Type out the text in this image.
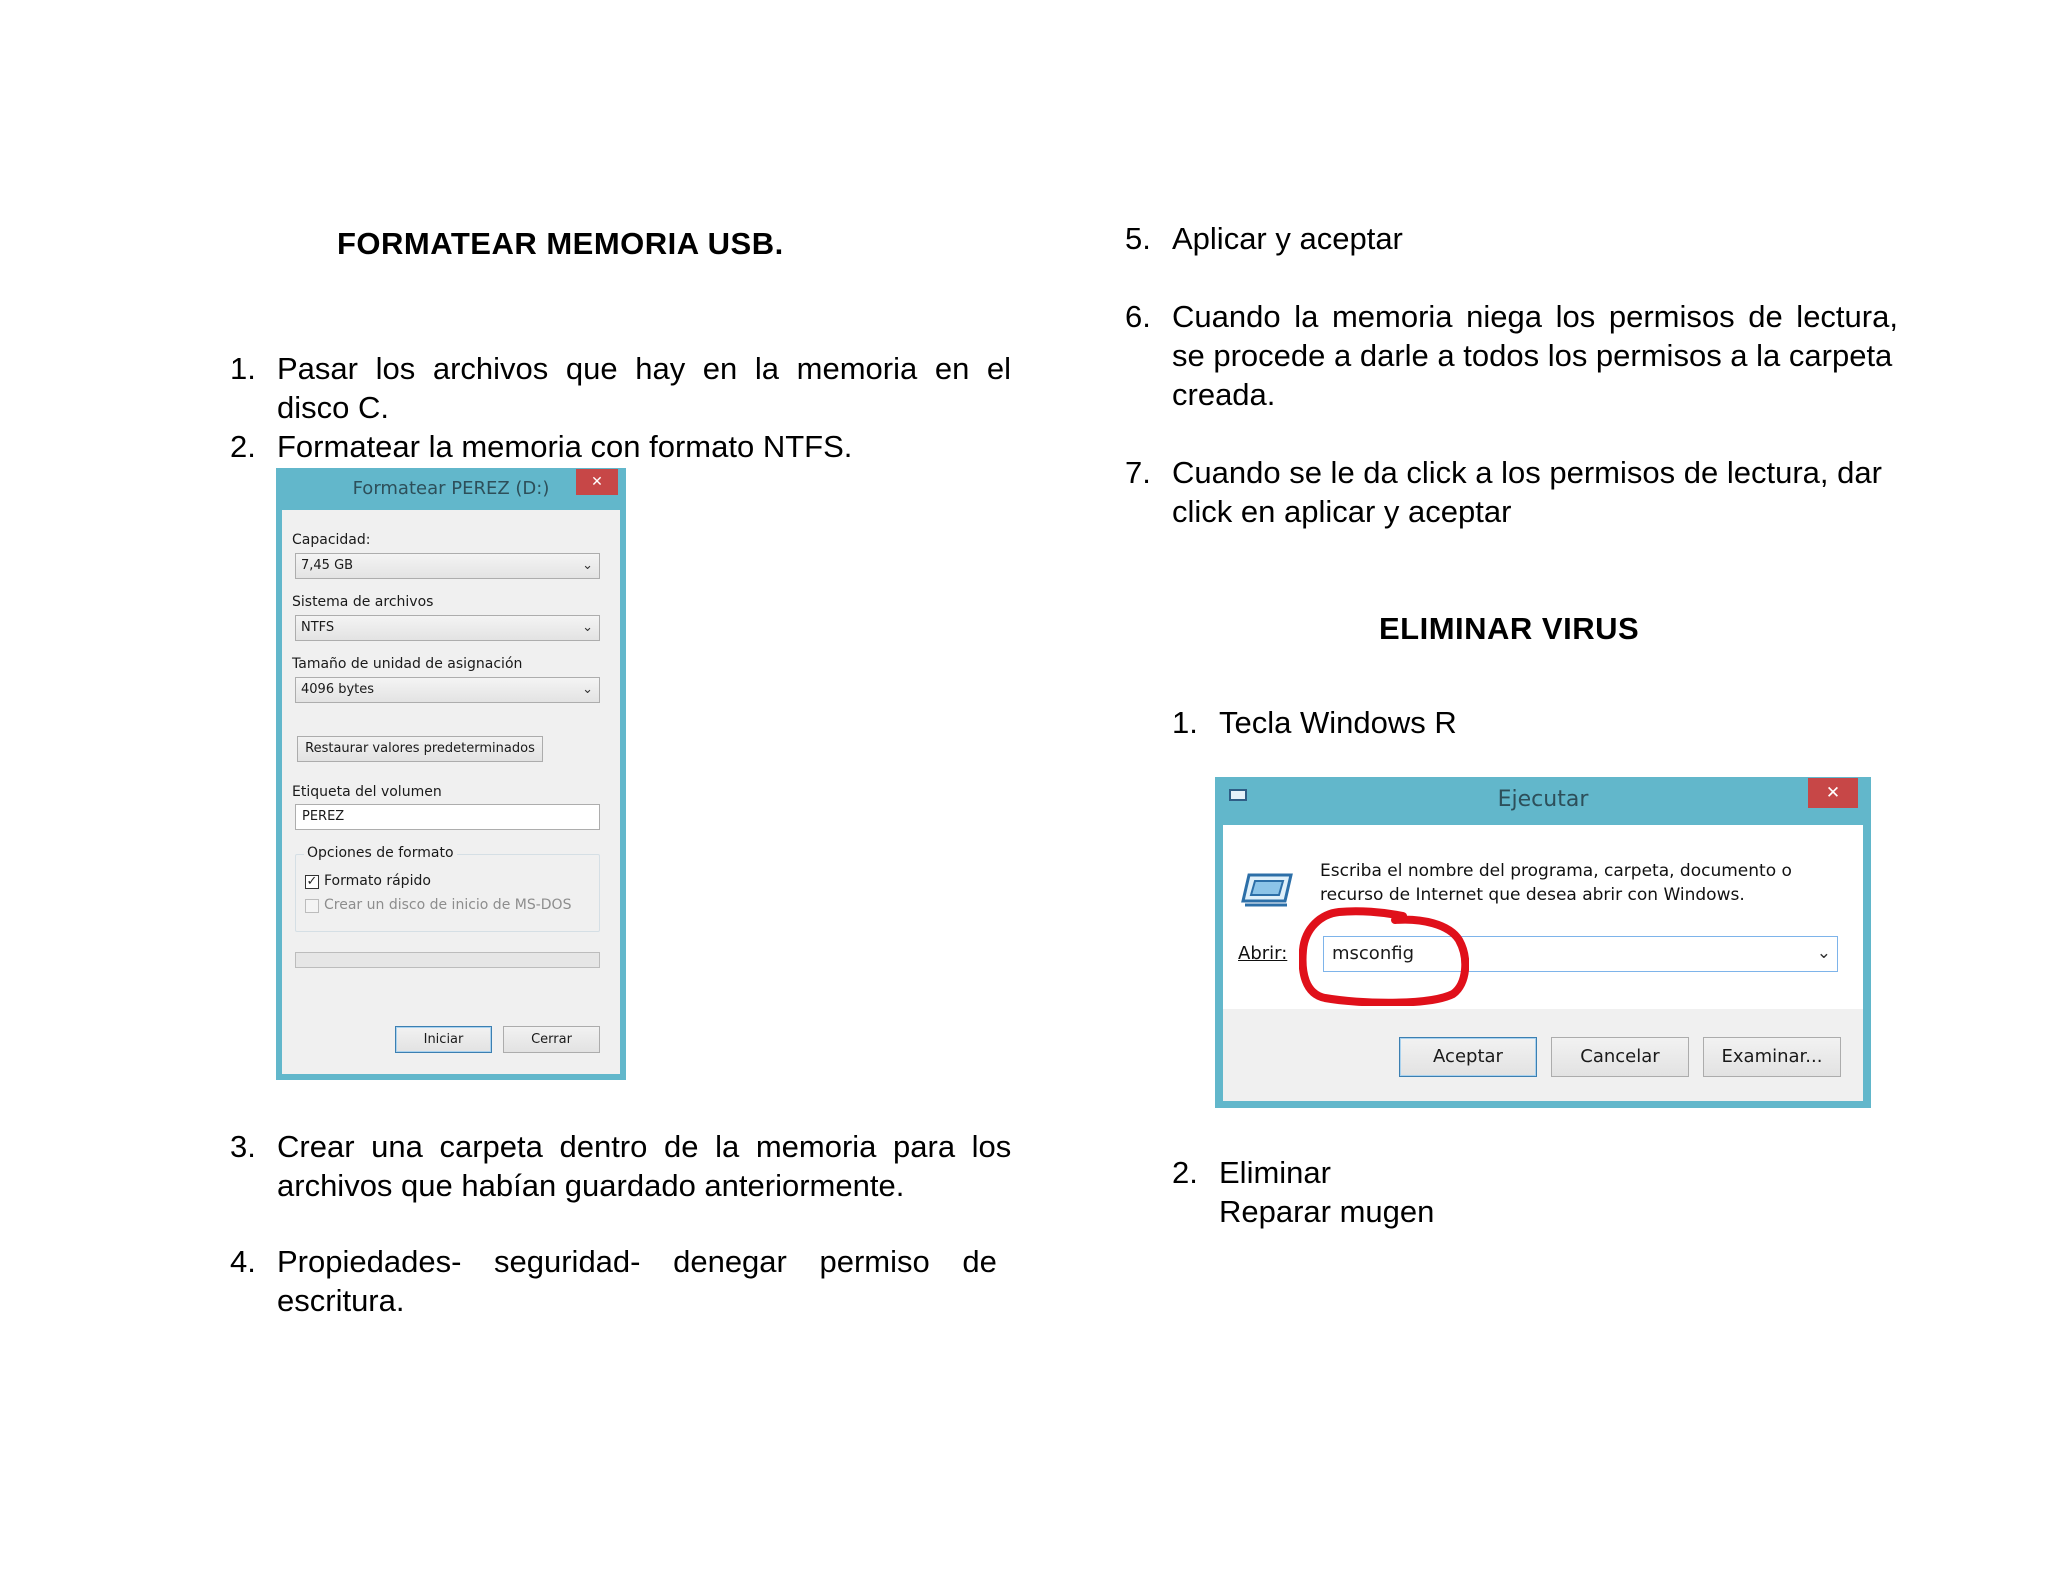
FORMATEAR MEMORIA USB.
1. Pasar los archivos que hay en la memoria en el
disco C.
2. Formatear la memoria con formato NTFS.
Formatear PEREZ (D:)	✕
Capacidad:
7,45 GB	⌄
Sistema de archivos
NTFS	⌄
Tamaño de unidad de asignación
4096 bytes	⌄
Restaurar valores predeterminados
Etiqueta del volumen
PEREZ
Opciones de formato
✓ Formato rápido
Crear un disco de inicio de MS-DOS
Iniciar	Cerrar
3. Crear una carpeta dentro de la memoria para los
archivos que habían guardado anteriormente.
4. Propiedades- seguridad- denegar permiso de
escritura.
5. Aplicar y aceptar
6. Cuando la memoria niega los permisos de lectura,
se procede a darle a todos los permisos a la carpeta
creada.
7. Cuando se le da click a los permisos de lectura, dar
click en aplicar y aceptar
ELIMINAR VIRUS
1. Tecla Windows R
Ejecutar	✕
Escriba el nombre del programa, carpeta, documento o
recurso de Internet que desea abrir con Windows.
Abrir:	msconfig	⌄
Aceptar	Cancelar	Examinar...
2. Eliminar
Reparar mugen
